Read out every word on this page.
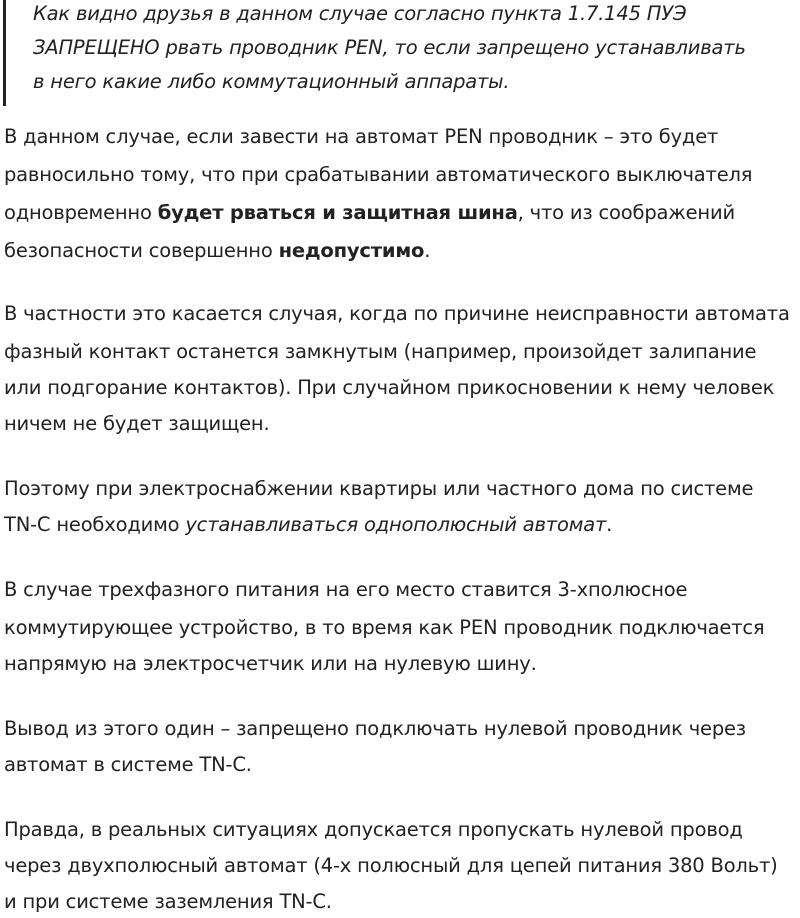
Как видно друзья в данном случае согласно пункта 1.7.145 ПУЭ
ЗАПРЕЩЕНО рвать проводник PEN, то если запрещено устанавливать
в него какие либо коммутационный аппараты.
В данном случае, если завести на автомат PEN проводник – это будет
равносильно тому, что при срабатывании автоматического выключателя
одновременно будет рваться и защитная шина, что из соображений
безопасности совершенно недопустимо.
В частности это касается случая, когда по причине неисправности автомата
фазный контакт останется замкнутым (например, произойдет залипание
или подгорание контактов). При случайном прикосновении к нему человек
ничем не будет защищен.
Поэтому при электроснабжении квартиры или частного дома по системе
TN-C необходимо устанавливаться однополюсный автомат.
В случае трехфазного питания на его место ставится 3-хполюсное
коммутирующее устройство, в то время как PEN проводник подключается
напрямую на электросчетчик или на нулевую шину.
Вывод из этого один – запрещено подключать нулевой проводник через
автомат в системе TN-C.
Правда, в реальных ситуациях допускается пропускать нулевой провод
через двухполюсный автомат (4-х полюсный для цепей питания 380 Вольт)
и при системе заземления TN-C.
